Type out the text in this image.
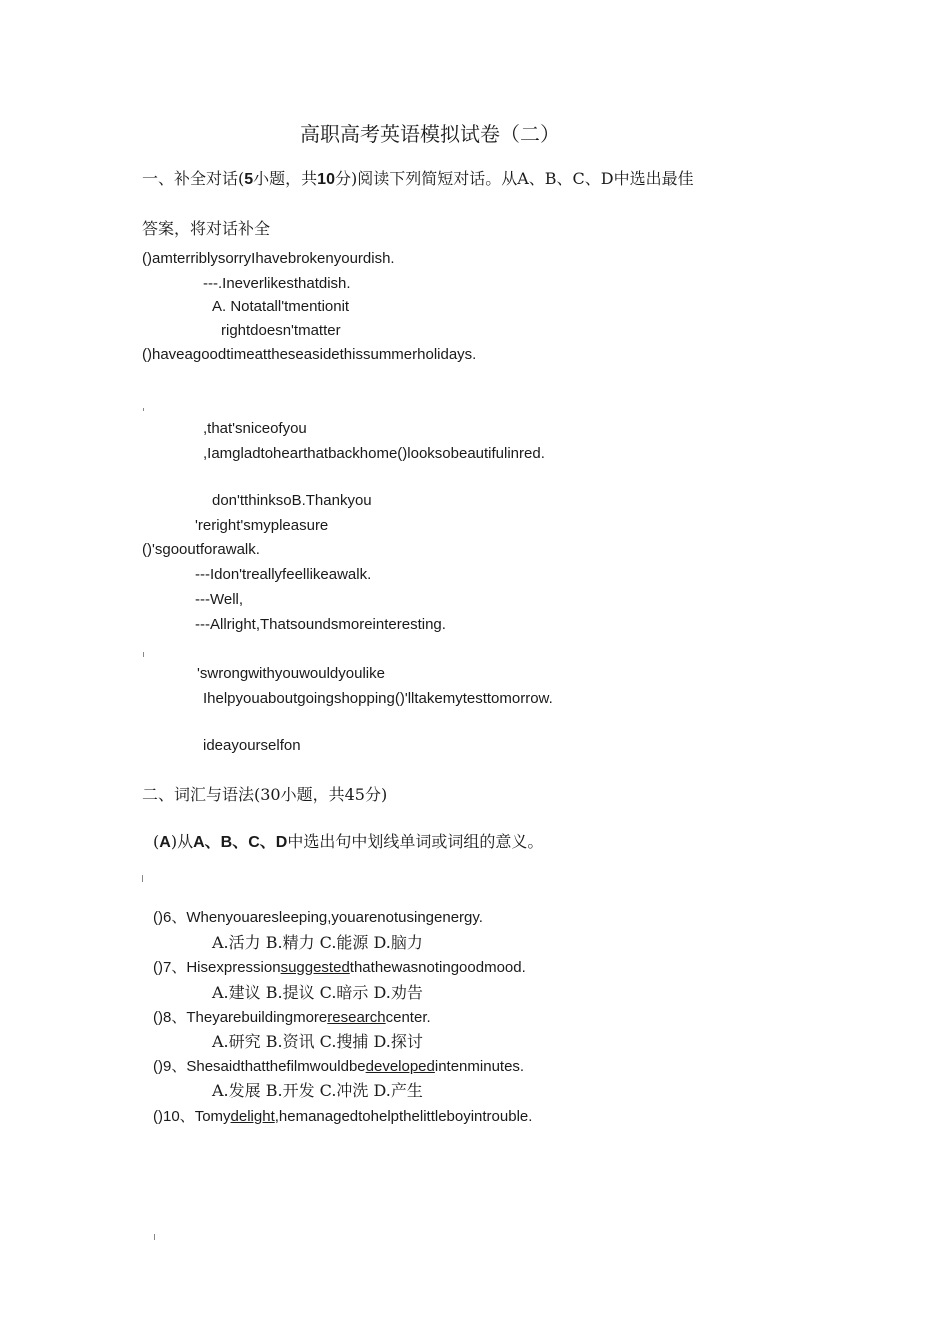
高职高考英语模拟试卷（二）
一、补全对话(5小题，共10分)阅读下列简短对话。从A、B、C、D中选出最佳
答案，将对话补全
()amterriblysorryIhavebrokenyourdish.
---.Ineverlikesthatdish.
A. Notatall'tmentionit
rightdoesn'tmatter
()haveagoodtimeattheseasidethissummerholidays.
,that'sniceofyou
,Iamgladtohearthatbackhome()looksobeautifulinred.
don'tthinksoB.Thankyou
'reright'smypleasure
()'sgooutforawalk.
---Idon'treallyfeellikeawalk.
---Well,
---Allright,Thatsoundsmoreinteresting.
'swrongwithyouwouldyoulike
Ihelpyouaboutgoingshopping()'lltakemytesttomorrow.
ideayourselfon
二、词汇与语法(30小题，共45分)
(A)从A、B、C、D中选出句中划线单词或词组的意义。
()6、Whenyouaresleeping,youarenotusingenergy.
A.活力 B.精力 C.能源 D.脑力
()7、Hisexpressionsuggestedthathewasnotingoodmood.
A.建议 B.提议 C.暗示 D.劝告
()8、Theyarebuildingmoreresearchcenter.
A.研究 B.资讯 C.搜捕 D.探讨
()9、Shesaidthatthefilmwouldbedevelopedintenminutes.
A.发展 B.开发 C.冲洗 D.产生
()10、Tomydelight,hemanagedtohelpthelittleboyintrouble.
